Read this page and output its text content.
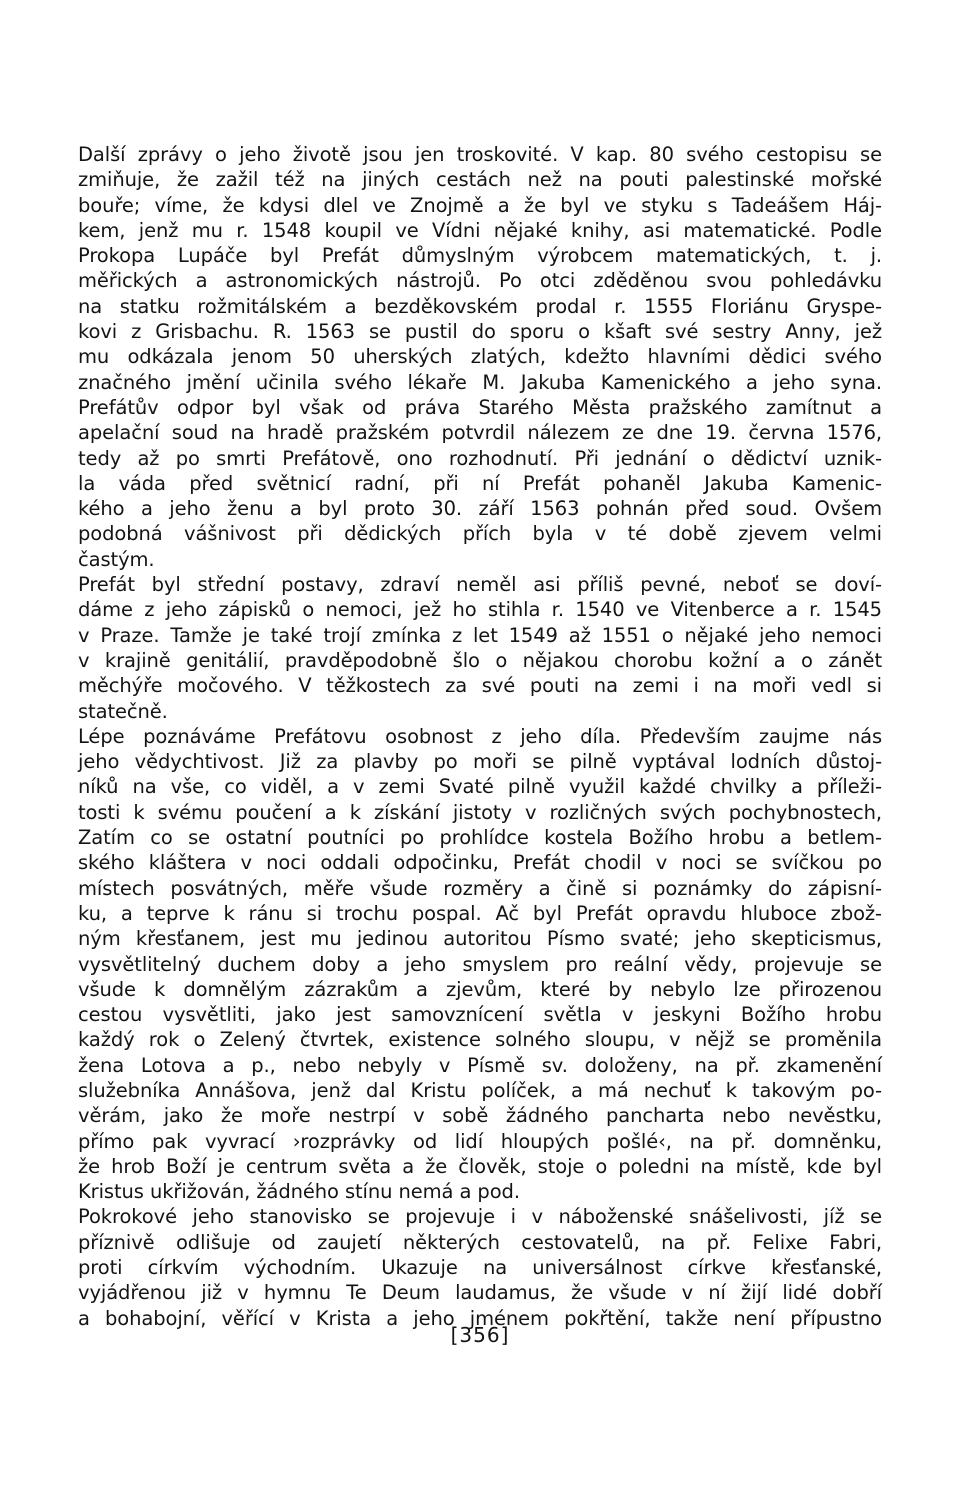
Další zprávy o jeho životě jsou jen troskovité. V kap. 80 svého cestopisu se
zmiňuje, že zažil též na jiných cestách než na pouti palestinské mořské
bouře; víme, že kdysi dlel ve Znojmě a že byl ve styku s Tadeášem Háj-
kem, jenž mu r. 1548 koupil ve Vídni nějaké knihy, asi matematické. Podle
Prokopa Lupáče byl Prefát důmyslným výrobcem matematických, t. j.
měřických a astronomických nástrojů. Po otci zděděnou svou pohledávku
na statku rožmitálském a bezděkovském prodal r. 1555 Floriánu Gryspe-
kovi z Grisbachu. R. 1563 se pustil do sporu o kšaft své sestry Anny, jež
mu odkázala jenom 50 uherských zlatých, kdežto hlavními dědici svého
značného jmění učinila svého lékaře M. Jakuba Kamenického a jeho syna.
Prefátův odpor byl však od práva Starého Města pražského zamítnut a
apelační soud na hradě pražském potvrdil nálezem ze dne 19. června 1576,
tedy až po smrti Prefátově, ono rozhodnutí. Při jednání o dědictví uznik-
la váda před světnicí radní, při ní Prefát pohaněl Jakuba Kamenic-
kého a jeho ženu a byl proto 30. září 1563 pohnán před soud. Ovšem
podobná vášnivost při dědických přích byla v té době zjevem velmi
častým.
Prefát byl střední postavy, zdraví neměl asi příliš pevné, neboť se doví-
dáme z jeho zápisků o nemoci, jež ho stihla r. 1540 ve Vitenberce a r. 1545
v Praze. Tamže je také trojí zmínka z let 1549 až 1551 o nějaké jeho nemoci
v krajině genitálií, pravděpodobně šlo o nějakou chorobu kožní a o zánět
měchýře močového. V těžkostech za své pouti na zemi i na moři vedl si
statečně.
Lépe poznáváme Prefátovu osobnost z jeho díla. Především zaujme nás
jeho vědychtivost. Již za plavby po moři se pilně vyptával lodních důstoj-
níků na vše, co viděl, a v zemi Svaté pilně využil každé chvilky a příleži-
tosti k svému poučení a k získání jistoty v rozličných svých pochybnostech,
Zatím co se ostatní poutníci po prohlídce kostela Božího hrobu a betlem-
ského kláštera v noci oddali odpočinku, Prefát chodil v noci se svíčkou po
místech posvátných, měře všude rozměry a čině si poznámky do zápisní-
ku, a teprve k ránu si trochu pospal. Ač byl Prefát opravdu hluboce zbož-
ným křesťanem, jest mu jedinou autoritou Písmo svaté; jeho skepticismus,
vysvětlitelný duchem doby a jeho smyslem pro reální vědy, projevuje se
všude k domnělým zázrakům a zjevům, které by nebylo lze přirozenou
cestou vysvětliti, jako jest samovznícení světla v jeskyni Božího hrobu
každý rok o Zelený čtvrtek, existence solného sloupu, v nějž se proměnila
žena Lotova a p., nebo nebyly v Písmě sv. doloženy, na př. zkamenění
služebníka Annášova, jenž dal Kristu políček, a má nechuť k takovým po-
věrám, jako že moře nestrpí v sobě žádného pancharta nebo nevěstku,
přímo pak vyvrací ›rozprávky od lidí hloupých pošlé‹, na př. domněnku,
že hrob Boží je centrum světa a že člověk, stoje o poledni na místě, kde byl
Kristus ukřižován, žádného stínu nemá a pod.
Pokrokové jeho stanovisko se projevuje i v náboženské snášelivosti, jíž se
příznivě odlišuje od zaujetí některých cestovatelů, na př. Felixe Fabri,
proti církvím východním. Ukazuje na universálnost církve křesťanské,
vyjádřenou již v hymnu Te Deum laudamus, že všude v ní žijí lidé dobří
a bohabojní, věřící v Krista a jeho jménem pokřtění, takže není přípustno
[356]
